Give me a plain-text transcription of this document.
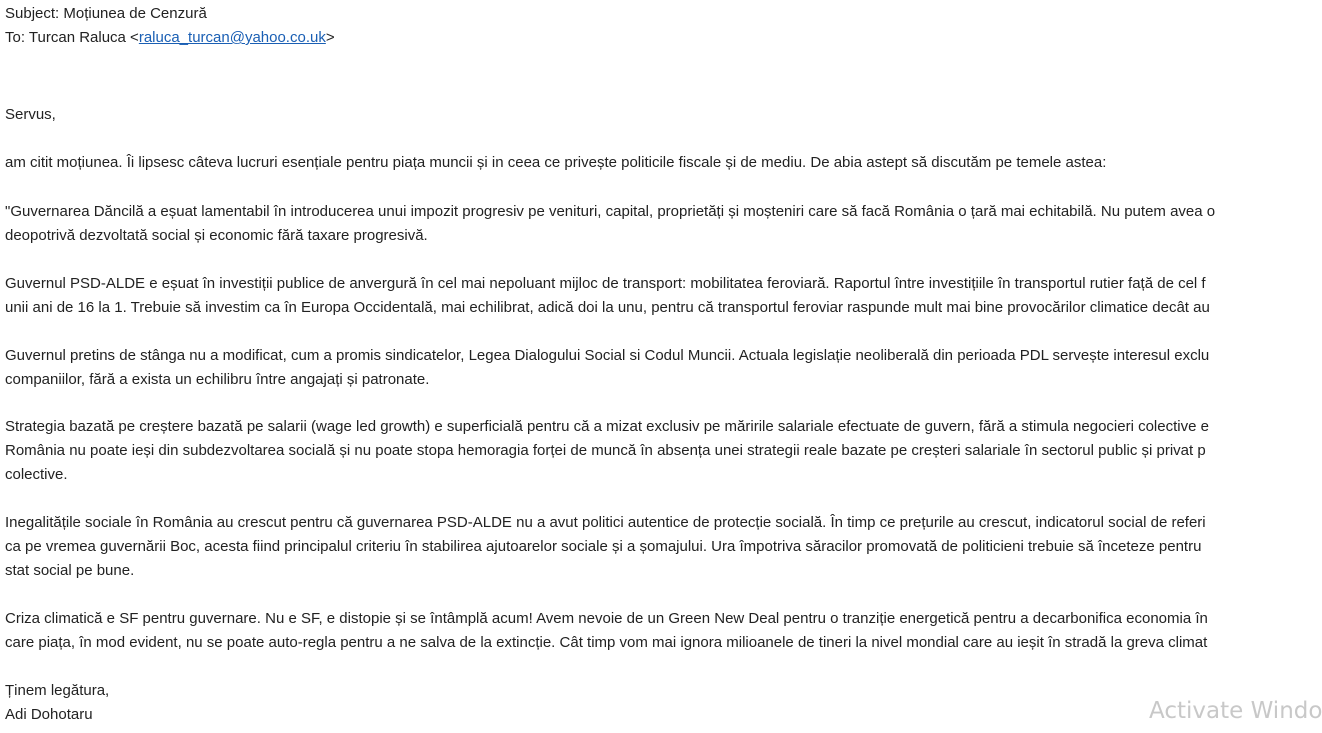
Subject: Moțiunea de Cenzură
To: Turcan Raluca <raluca_turcan@yahoo.co.uk>
Servus,
am citit moțiunea. Îi lipsesc câteva lucruri esențiale pentru piața muncii și in ceea ce privește politicile fiscale și de mediu. De abia astept să discutăm pe temele astea:
"Guvernarea Dăncilă a eșuat lamentabil în introducerea unui impozit progresiv pe venituri, capital, proprietăți și moșteniri care să facă România o țară mai echitabilă. Nu putem avea o
deopotrivă dezvoltată social și economic fără taxare progresivă.
Guvernul PSD-ALDE e eșuat în investiții publice de anvergură în cel mai nepoluant mijloc de transport: mobilitatea feroviară. Raportul între investițiile în transportul rutier față de cel f
unii ani de 16 la 1. Trebuie să investim ca în Europa Occidentală, mai echilibrat, adică doi la unu, pentru că transportul feroviar raspunde mult mai bine provocărilor climatice decât au
Guvernul pretins de stânga nu a modificat, cum a promis sindicatelor, Legea Dialogului Social si Codul Muncii. Actuala legislație neoliberală din perioada PDL servește interesul exclu
companiilor, fără a exista un echilibru între angajați și patronate.
Strategia bazată pe creștere bazată pe salarii (wage led growth) e superficială pentru că a mizat exclusiv pe măririle salariale efectuate de guvern, fără a stimula negocieri colective e
România nu poate ieși din subdezvoltarea socială și nu poate stopa hemoragia forței de muncă în absența unei strategii reale bazate pe creșteri salariale în sectorul public și privat p
colective.
Inegalitățile sociale în România au crescut pentru că guvernarea PSD-ALDE nu a avut politici autentice de protecție socială. În timp ce prețurile au crescut, indicatorul social de referi
ca pe vremea guvernării Boc, acesta fiind principalul criteriu în stabilirea ajutoarelor sociale și a șomajului. Ura împotriva săracilor promovată de politicieni trebuie să înceteze pentru
stat social pe bune.
Criza climatică e SF pentru guvernare. Nu e SF, e distopie și se întâmplă acum! Avem nevoie de un Green New Deal pentru o tranziție energetică pentru a decarbonifica economia în
care piața, în mod evident, nu se poate auto-regla pentru a ne salva de la extincție. Cât timp vom mai ignora milioanele de tineri la nivel mondial care au ieșit în stradă la greva climat
Ținem legătura,
Adi Dohotaru	Activate Windo
